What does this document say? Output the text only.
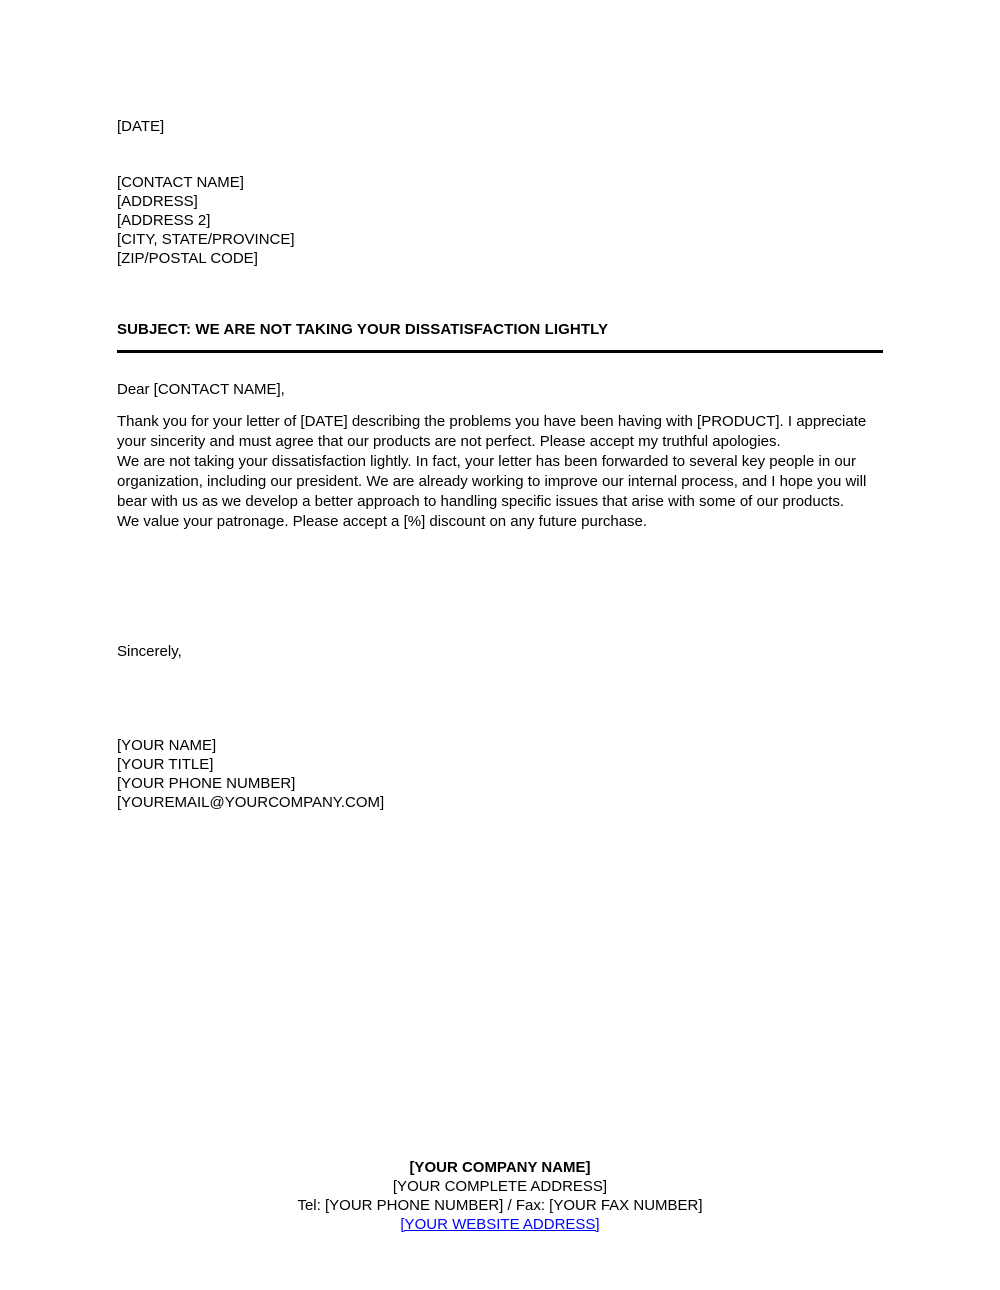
[DATE]
[CONTACT NAME]
[ADDRESS]
[ADDRESS 2]
[CITY, STATE/PROVINCE]
[ZIP/POSTAL CODE]
SUBJECT: WE ARE NOT TAKING YOUR DISSATISFACTION LIGHTLY
Dear [CONTACT NAME],

Thank you for your letter of [DATE] describing the problems you have been having with [PRODUCT]. I appreciate your sincerity and must agree that our products are not perfect. Please accept my truthful apologies.

We are not taking your dissatisfaction lightly. In fact, your letter has been forwarded to several key people in our organization, including our president. We are already working to improve our internal process, and I hope you will bear with us as we develop a better approach to handling specific issues that arise with some of our products.

We value your patronage. Please accept a [%] discount on any future purchase.

Sincerely,
[YOUR NAME]
[YOUR TITLE]
[YOUR PHONE NUMBER]
[YOUREMAIL@YOURCOMPANY.COM]
[YOUR COMPANY NAME]
[YOUR COMPLETE ADDRESS]
Tel: [YOUR PHONE NUMBER] / Fax: [YOUR FAX NUMBER]
[YOUR WEBSITE ADDRESS]
